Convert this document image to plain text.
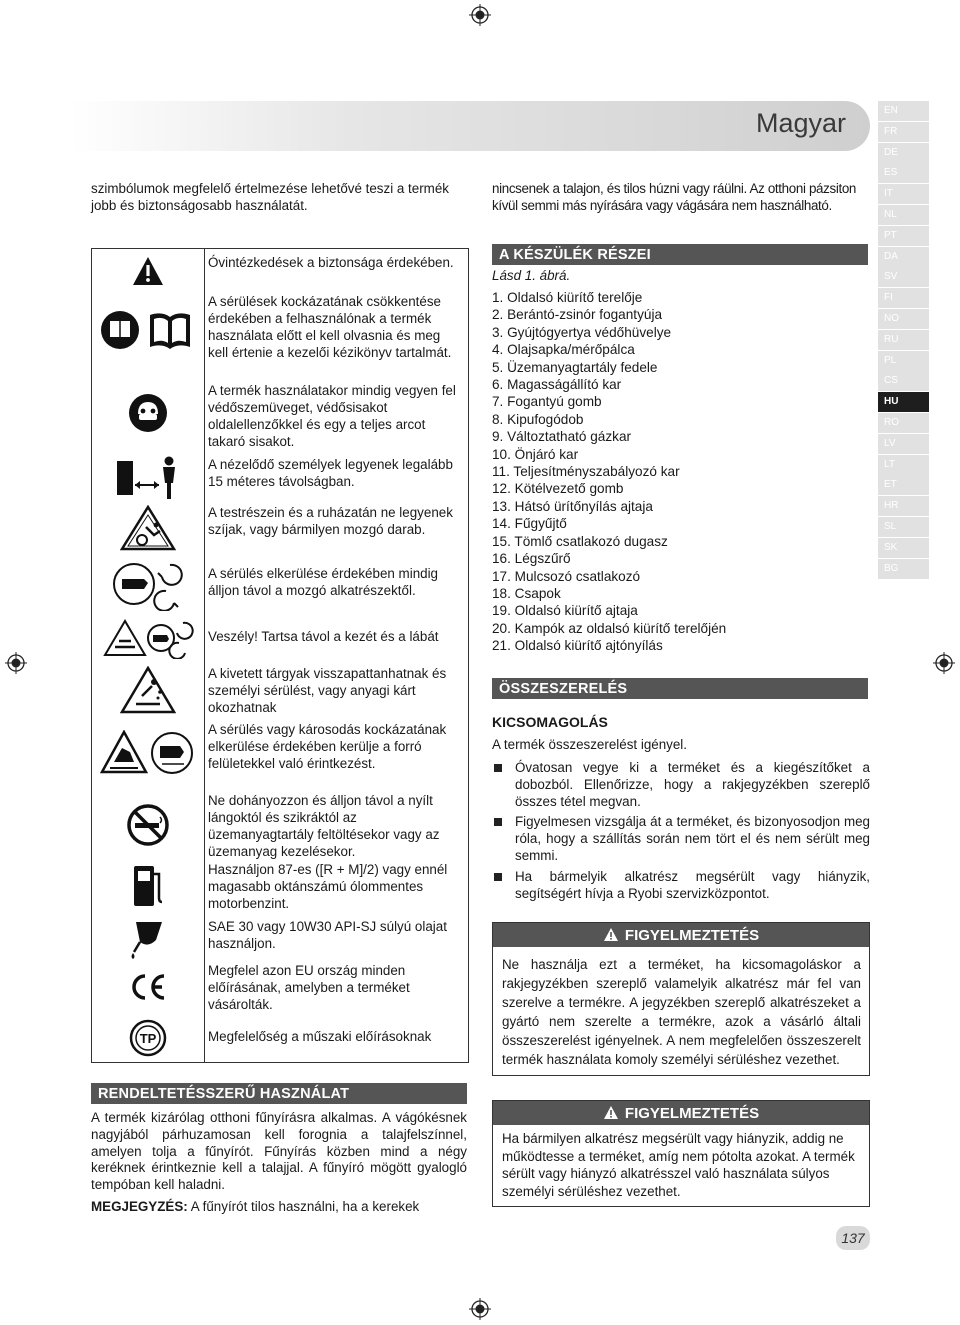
Magyar	EN
FR
DE
ES
IT
NL
PT
DA
SV
FI
NO
RU
PL
CS
HU
RO
LV
LT
ET
HR
SL
SK
BG
szimbólumok megfelelő értelmezése lehetővé teszi a termék jobb és biztonságosabb használatát.
Óvintézkedések a biztonsága érdekében.
A sérülések kockázatának csökkentése érdekében a felhasználónak a termék használata előtt el kell olvasnia és meg kell értenie a kezelői kézikönyv tartalmát.
A termék használatakor mindig vegyen fel védőszemüveget, védősisakot oldalellenzőkkel és egy a teljes arcot takaró sisakot.
A nézelődő személyek legyenek legalább 15 méteres távolságban.
A testrészein és a ruházatán ne legyenek szíjak, vagy bármilyen mozgó darab.
A sérülés elkerülése érdekében mindig álljon távol a mozgó alkatrészektől.
Veszély! Tartsa távol a kezét és a lábát
A kivetett tárgyak visszapattanhatnak és személyi sérülést, vagy anyagi kárt okozhatnak
A sérülés vagy károsodás kockázatának elkerülése érdekében kerülje a forró felületekkel való érintkezést.
Ne dohányozzon és álljon távol a nyílt lángoktól és szikráktól az üzemanyagtartály feltöltésekor vagy az üzemanyag kezelésekor.
Használjon 87-es ([R + M]/2) vagy ennél magasabb oktánszámú ólommentes motorbenzint.
SAE 30 vagy 10W30 API-SJ súlyú olajat használjon.
Megfelel azon EU ország minden előírásának, amelyben a terméket vásárolták.
TP	Megfelelőség a műszaki előírásoknak
RENDELTETÉSSZERŰ HASZNÁLAT
A termék kizárólag otthoni fűnyírásra alkalmas. A vágókésnek nagyjából párhuzamosan kell forognia a talajfelszínnel, amelyen tolja a fűnyírót. Fűnyírás közben mind a négy keréknek érintkeznie kell a talajjal. A fűnyíró mögött gyalogló tempóban kell haladni.
MEGJEGYZÉS: A fűnyírót tilos használni, ha a kerekek
nincsenek a talajon, és tilos húzni vagy ráülni. Az otthoni pázsiton kívül semmi más nyírására vagy vágására nem használható.
A KÉSZÜLÉK RÉSZEI
Lásd 1. ábrá.
1. Oldalsó kiürítő terelője
2. Berántó-zsinór fogantyúja
3. Gyújtógyertya védőhüvelye
4. Olajsapka/mérőpálca
5. Üzemanyagtartály fedele
6. Magasságállító kar
7. Fogantyú gomb
8. Kipufogódob
9. Változtatható gázkar
10. Önjáró kar
11. Teljesítményszabályozó kar
12. Kötélvezető gomb
13. Hátsó ürítőnyílás ajtaja
14. Fűgyűjtő
15. Tömlő csatlakozó dugasz
16. Légszűrő
17. Mulcsozó csatlakozó
18. Csapok
19. Oldalsó kiürítő ajtaja
20. Kampók az oldalsó kiürítő terelőjén
21. Oldalsó kiürítő ajtónyílás
ÖSSZESZERELÉS
KICSOMAGOLÁS
A termék összeszerelést igényel.
Óvatosan vegye ki a terméket és a kiegészítőket a dobozból. Ellenőrizze, hogy a rakjegyzékben szereplő összes tétel megvan.
Figyelmesen vizsgálja át a terméket, és bizonyosodjon meg róla, hogy a szállítás során nem tört el és nem sérült meg semmi.
Ha bármelyik alkatrész megsérült vagy hiányzik, segítségért hívja a Ryobi szervizközpontot.
FIGYELMEZTETÉS
Ne használja ezt a terméket, ha kicsomagoláskor a rakjegyzékben szereplő valamelyik alkatrész már fel van szerelve a termékre. A jegyzékben szereplő alkatrészeket a gyártó nem szerelte a termékre, azok a vásárló általi összeszerelést igényelnek. A nem megfelelően összeszerelt termék használata komoly személyi sérüléshez vezethet.
FIGYELMEZTETÉS
Ha bármilyen alkatrész megsérült vagy hiányzik, addig ne működtesse a terméket, amíg nem pótolta azokat. A termék sérült vagy hiányzó alkatrésszel való használata súlyos személyi sérüléshez vezethet.
137
